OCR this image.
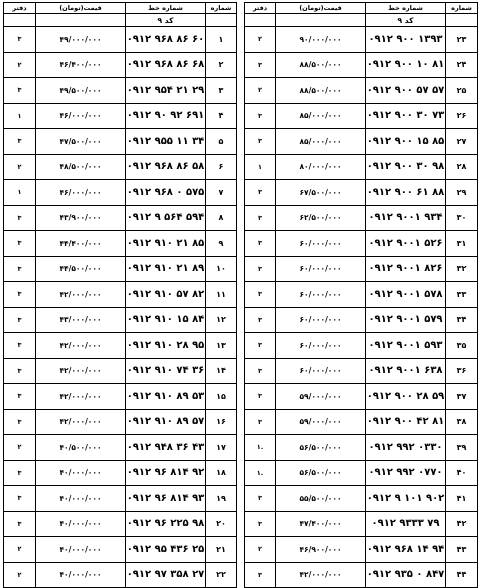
دفتر	قیمت(تومان)	شماره خط	شماره
		کد ۹	
۳	۴۹/۰۰۰/۰۰۰	۰۹۱۲ ۹۶۸ ۸۶ ۶۰	۱
۲	۴۶/۴۰۰/۰۰۰	۰۹۱۲ ۹۶۸ ۸۶ ۶۸	۲
۳	۴۹/۵۰۰/۰۰۰	۰۹۱۲ ۹۵۴ ۲۱ ۲۹	۳
۱	۴۶/۰۰۰/۰۰۰	۰۹۱۲ ۹۰ ۹۲ ۶۹۱	۴
۳	۴۷/۵۰۰/۰۰۰	۰۹۱۲ ۹۵۵ ۱۱ ۳۴	۵
۲	۴۸/۵۰۰/۰۰۰	۰۹۱۲ ۹۶۸ ۸۶ ۵۸	۶
۱	۴۶/۰۰۰/۰۰۰	۰۹۱۲ ۹۶۸ ۰ ۵۷۵	۷
۳	۴۳/۹۰۰/۰۰۰	۰۹۱۲ ۹ ۵۶۴ ۵۹۴	۸
۳	۴۴/۴۰۰/۰۰۰	۰۹۱۲ ۹۱۰ ۲۱ ۸۵	۹
۳	۴۴/۵۰۰/۰۰۰	۰۹۱۲ ۹۱۰ ۲۱ ۸۹	۱۰
۳	۴۲/۰۰۰/۰۰۰	۰۹۱۲ ۹۱۰ ۵۷ ۸۲	۱۱
۳	۴۳/۰۰۰/۰۰۰	۰۹۱۲ ۹۱۰ ۱۵ ۸۴	۱۲
۳	۴۲/۰۰۰/۰۰۰	۰۹۱۲ ۹۱۰ ۲۸ ۹۵	۱۳
۳	۴۲/۰۰۰/۰۰۰	۰۹۱۲ ۹۱۰ ۷۴ ۳۶	۱۴
۳	۴۲/۰۰۰/۰۰۰	۰۹۱۲ ۹۱۰ ۸۹ ۵۳	۱۵
۳	۴۲/۰۰۰/۰۰۰	۰۹۱۲ ۹۱۰ ۸۹ ۵۷	۱۶
۲	۴۰/۵۰۰/۰۰۰	۰۹۱۲ ۹۴۸ ۳۶ ۴۳	۱۷
۳	۴۰/۰۰۰/۰۰۰	۰۹۱۲ ۹۶ ۸۱۴ ۹۲	۱۸
۳	۴۰/۰۰۰/۰۰۰	۰۹۱۲ ۹۶ ۸۱۴ ۹۳	۱۹
۳	۴۰/۰۰۰/۰۰۰	۰۹۱۲ ۹۶ ۲۲۵ ۹۸	۲۰
۲	۴۰/۰۰۰/۰۰۰	۰۹۱۲ ۹۵ ۴۳۶ ۲۵	۲۱
۲	۴۰/۰۰۰/۰۰۰	۰۹۱۲ ۹۷ ۳۵۸ ۲۷	۲۲
دفتر	قیمت(تومان)	شماره خط	شماره
		کد ۹	
۲	۹۰/۰۰۰/۰۰۰	۰۹۱۲ ۹۰۰ ۱۳۹۳	۲۳
۳	۸۸/۵۰۰/۰۰۰	۰۹۱۲ ۹۰۰ ۱۰ ۸۱	۲۴
۲	۸۸/۵۰۰/۰۰۰	۰۹۱۲ ۹۰۰ ۵۷ ۵۷	۲۵
۳	۸۵/۰۰۰/۰۰۰	۰۹۱۲ ۹۰۰ ۳۰ ۷۳	۲۶
۳	۸۵/۰۰۰/۰۰۰	۰۹۱۲ ۹۰۰ ۱۵ ۸۵	۲۷
۱	۸۰/۰۰۰/۰۰۰	۰۹۱۲ ۹۰۰ ۳۰ ۹۸	۲۸
۳	۶۷/۵۰۰/۰۰۰	۰۹۱۲ ۹۰۰ ۶۱ ۸۸	۲۹
۳	۶۲/۵۰۰/۰۰۰	۰۹۱۲ ۹۰۰۱ ۹۳۴	۳۰
۳	۶۰/۰۰۰/۰۰۰	۰۹۱۲ ۹۰۰۱ ۵۲۶	۳۱
۳	۶۰/۰۰۰/۰۰۰	۰۹۱۲ ۹۰۰۱ ۸۲۶	۳۲
۳	۶۰/۰۰۰/۰۰۰	۰۹۱۲ ۹۰۰۱ ۵۷۸	۳۳
۳	۶۰/۰۰۰/۰۰۰	۰۹۱۲ ۹۰۰۱ ۵۷۹	۳۴
۳	۶۰/۰۰۰/۰۰۰	۰۹۱۲ ۹۰۰۱ ۵۹۳	۳۵
۳	۶۰/۰۰۰/۰۰۰	۰۹۱۲ ۹۰۰۱ ۶۳۸	۳۶
۳	۵۹/۰۰۰/۰۰۰	۰۹۱۲ ۹۰۰ ۲۸ ۵۹	۳۷
۳	۵۹/۰۰۰/۰۰۰	۰۹۱۲ ۹۰۰ ۴۲ ۸۱	۳۸
۱.	۵۶/۵۰۰/۰۰۰	۰۹۱۲ ۹۹۲ ۰۳۳۰	۳۹
۱.	۵۶/۵۰۰/۰۰۰	۰۹۱۲ ۹۹۲ ۰۷۷۰	۴۰
۳	۵۵/۵۰۰/۰۰۰	۰۹۱۲ ۹ ۱۰۱ ۹۰۲	۴۱
۳	۴۷/۴۰۰/۰۰۰	۰۹۱۲ ۹۳۳۳ ۷۹	۴۲
۲	۴۶/۹۰۰/۰۰۰	۰۹۱۲ ۹۶۸ ۱۴ ۹۴	۴۳
۳	۴۲/۰۰۰/۰۰۰	۰۹۱۲ ۹۳۵ ۰ ۸۴۷	۴۴
